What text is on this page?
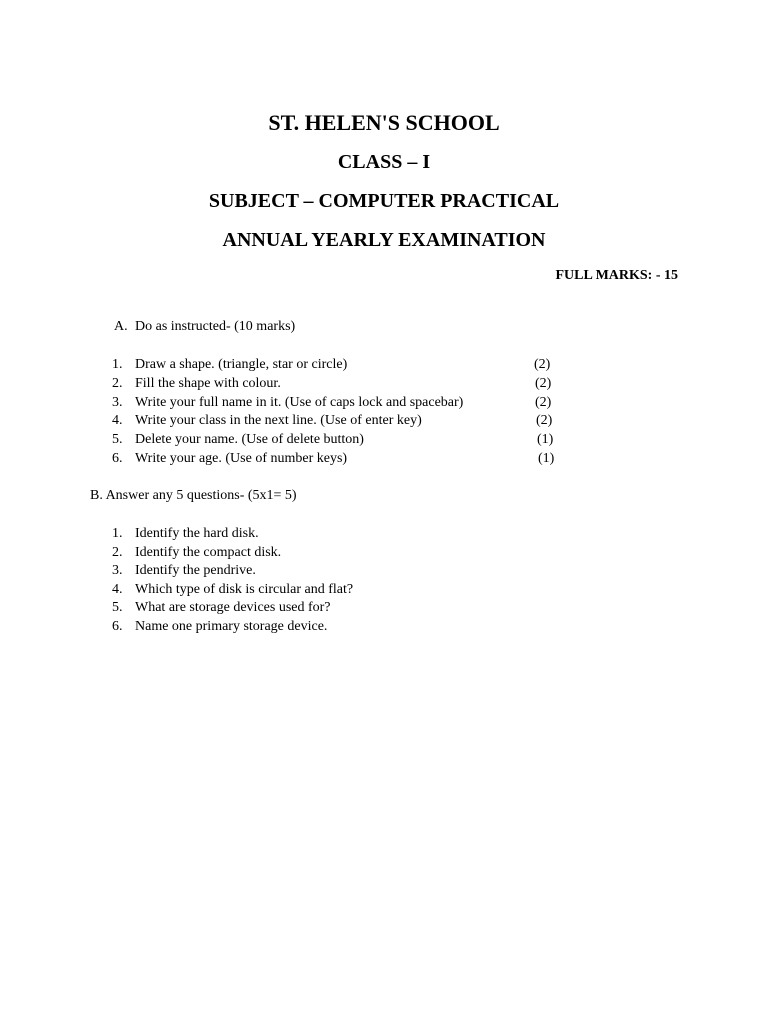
ST. HELEN'S SCHOOL
CLASS – I
SUBJECT – COMPUTER PRACTICAL
ANNUAL YEARLY EXAMINATION
FULL MARKS: - 15
A. Do as instructed- (10 marks)
1. Draw a shape. (triangle, star or circle)	(2)
2. Fill the shape with colour.	(2)
3. Write your full name in it. (Use of caps lock and spacebar)	(2)
4. Write your class in the next line. (Use of enter key)	(2)
5. Delete your name. (Use of delete button)	(1)
6. Write your age. (Use of number keys)	(1)
B. Answer any 5 questions- (5x1= 5)
1. Identify the hard disk.
2. Identify the compact disk.
3. Identify the pendrive.
4. Which type of disk is circular and flat?
5. What are storage devices used for?
6. Name one primary storage device.
